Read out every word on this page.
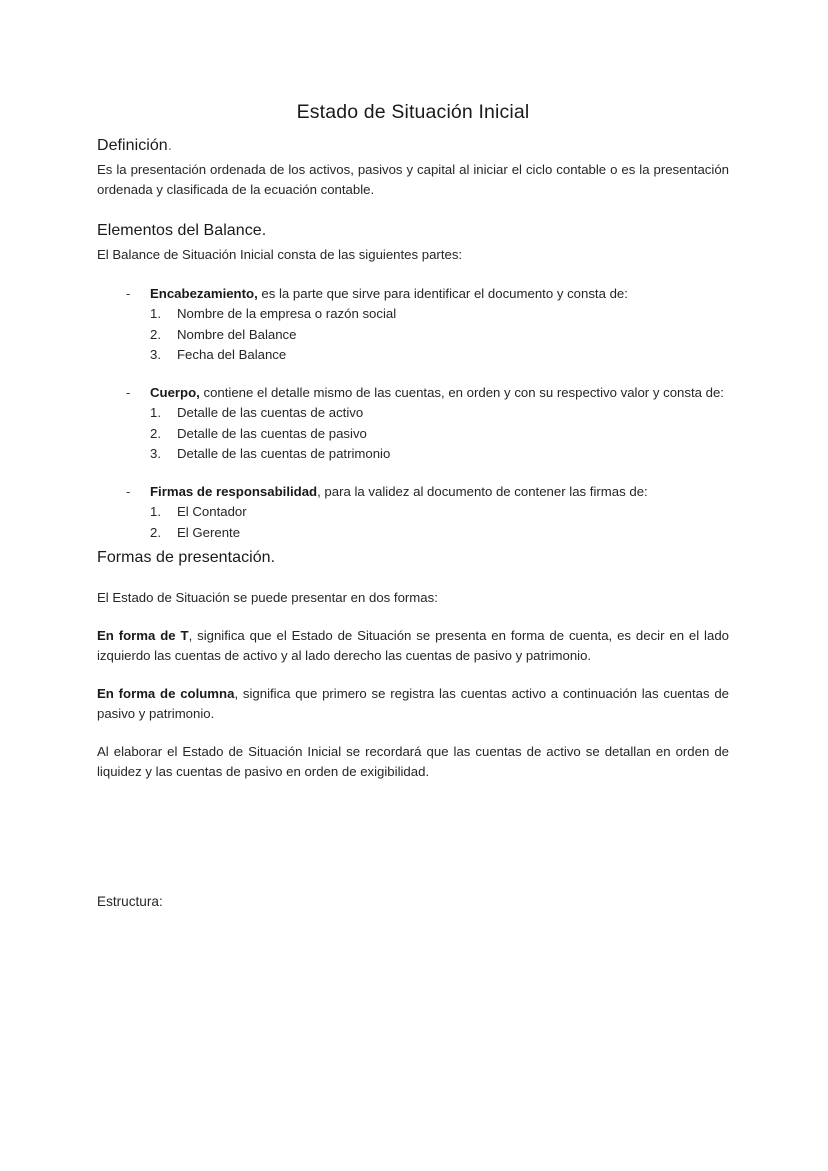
Estado de Situación Inicial
Definición.

Es la presentación ordenada de los activos, pasivos y capital al iniciar el ciclo contable o es la presentación ordenada y clasificada de la ecuación contable.

Elementos del Balance.

El Balance de Situación Inicial consta de las siguientes partes:

- Encabezamiento, es la parte que sirve para identificar el documento y consta de:
1. Nombre de la empresa o razón social
2. Nombre del Balance
3. Fecha del Balance
- Cuerpo, contiene el detalle mismo de las cuentas, en orden y con su respectivo valor y consta de:
1. Detalle de las cuentas de activo
2. Detalle de las cuentas de pasivo
3. Detalle de las cuentas de patrimonio
- Firmas de responsabilidad, para la validez al documento de contener las firmas de:
1. El Contador
2. El Gerente
Formas de presentación.

El Estado de Situación se puede presentar en dos formas:

En forma de T, significa que el Estado de Situación se presenta en forma de cuenta, es decir en el lado izquierdo las cuentas de activo y al lado derecho las cuentas de pasivo y patrimonio.

En forma de columna, significa que primero se registra las cuentas activo a continuación las cuentas de pasivo y patrimonio.

Al elaborar el Estado de Situación Inicial se recordará que las cuentas de activo se detallan en orden de liquidez y las cuentas de pasivo en orden de exigibilidad.

Estructura:
